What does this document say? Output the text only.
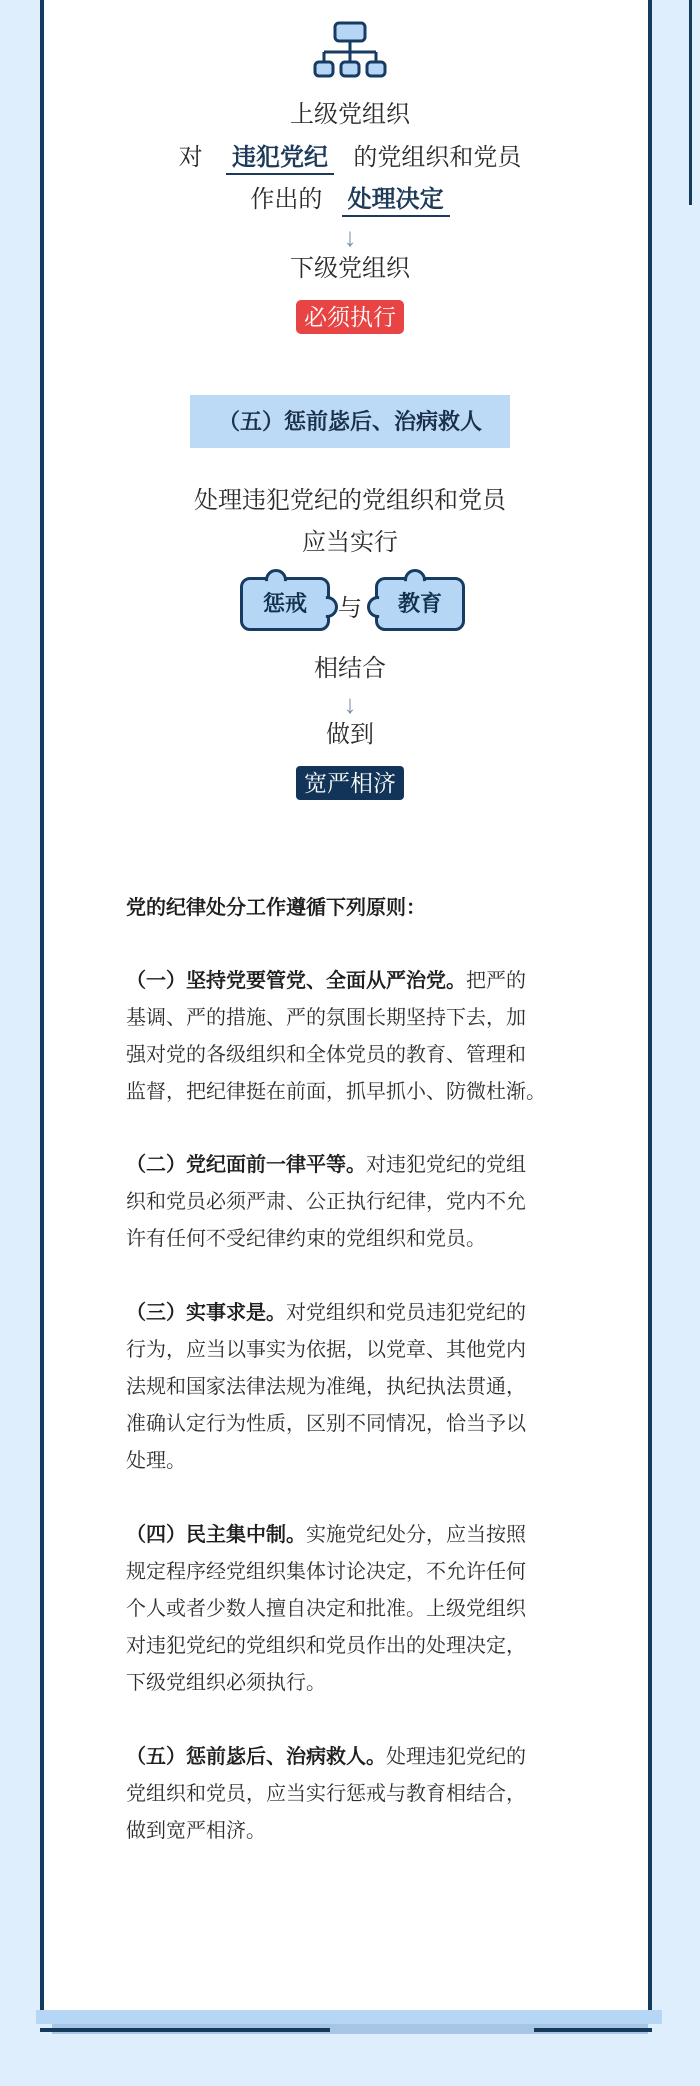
上级党组织
对 违犯党纪 的党组织和党员
作出的 处理决定
↓
下级党组织
必须执行
（五）惩前毖后、治病救人
处理违犯党纪的党组织和党员
应当实行
惩戒	与	教育
相结合
↓
做到
宽严相济
党的纪律处分工作遵循下列原则：
（一）坚持党要管党、全面从严治党。把严的
基调、严的措施、严的氛围长期坚持下去，加
强对党的各级组织和全体党员的教育、管理和
监督，把纪律挺在前面，抓早抓小、防微杜渐。
（二）党纪面前一律平等。对违犯党纪的党组
织和党员必须严肃、公正执行纪律，党内不允
许有任何不受纪律约束的党组织和党员。
（三）实事求是。对党组织和党员违犯党纪的
行为，应当以事实为依据，以党章、其他党内
法规和国家法律法规为准绳，执纪执法贯通，
准确认定行为性质，区别不同情况，恰当予以
处理。
（四）民主集中制。实施党纪处分，应当按照
规定程序经党组织集体讨论决定，不允许任何
个人或者少数人擅自决定和批准。上级党组织
对违犯党纪的党组织和党员作出的处理决定，
下级党组织必须执行。
（五）惩前毖后、治病救人。处理违犯党纪的
党组织和党员，应当实行惩戒与教育相结合，
做到宽严相济。
